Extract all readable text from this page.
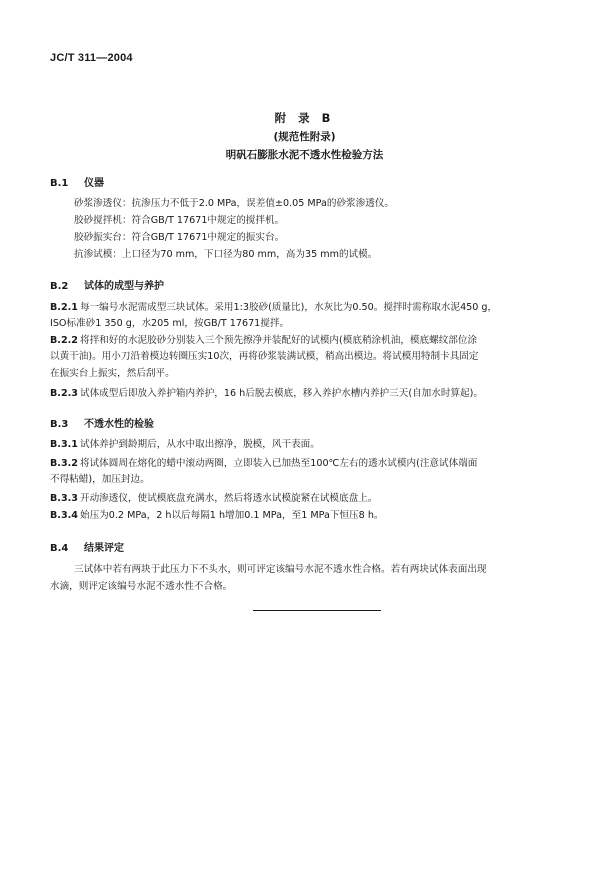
JC/T 311—2004
附 录 B
(规范性附录)
明矾石膨胀水泥不透水性检验方法
B.1 仪器
砂浆渗透仪：抗渗压力不低于2.0 MPa，误差值±0.05 MPa的砂浆渗透仪。
胶砂搅拌机：符合GB/T 17671中规定的搅拌机。
胶砂振实台：符合GB/T 17671中规定的振实台。
抗渗试模：上口径为70 mm，下口径为80 mm，高为35 mm的试模。
B.2 试体的成型与养护
B.2.1 每一编号水泥需成型三块试体。采用1:3胶砂(质量比)，水灰比为0.50。搅拌时需称取水泥450 g，
ISO标准砂1 350 g，水205 ml，按GB/T 17671搅拌。
B.2.2 将拌和好的水泥胶砂分别装入三个预先擦净并装配好的试模内(模底稍涂机油，模底螺纹部位涂
以黄干油)。用小刀沿着模边转圈压实10次，再将砂浆装满试模，稍高出模边。将试模用特制卡具固定
在振实台上振实，然后刮平。
B.2.3 试体成型后即放入养护箱内养护，16 h后脱去模底，移入养护水槽内养护三天(自加水时算起)。
B.3 不透水性的检验
B.3.1 试体养护到龄期后，从水中取出擦净，脱模，风干表面。
B.3.2 将试体圆周在熔化的蜡中滚动两圈，立即装入已加热至100℃左右的透水试模内(注意试体端面
不得粘蜡)，加压封边。
B.3.3 开动渗透仪，使试模底盘充满水，然后将透水试模旋紧在试模底盘上。
B.3.4 始压为0.2 MPa，2 h以后每隔1 h增加0.1 MPa，至1 MPa下恒压8 h。
B.4 结果评定
三试体中若有两块于此压力下不头水，则可评定该编号水泥不透水性合格。若有两块试体表面出现
水滴，则评定该编号水泥不透水性不合格。
